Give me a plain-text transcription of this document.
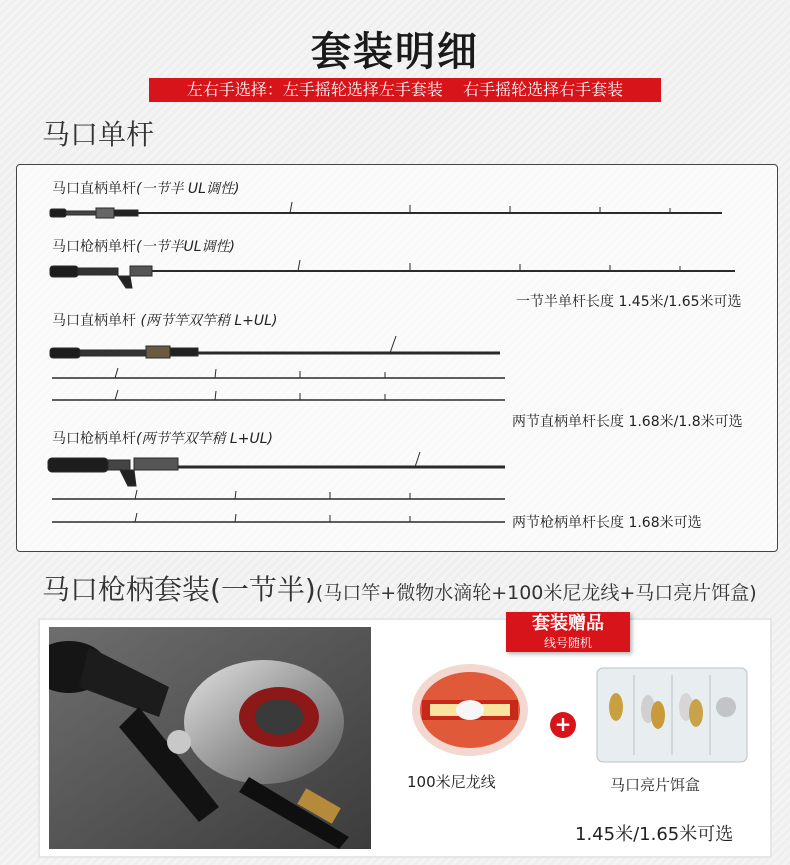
套装明细
左右手选择：左手摇轮选择左手套装    右手摇轮选择右手套装
马口单杆
马口直柄单杆(一节半 UL调性)
马口枪柄单杆(一节半UL调性)
马口直柄单杆 (两节竿双竿稍 L+UL)
马口枪柄单杆(两节竿双竿稍 L+UL)
一节半单杆长度 1.45米/1.65米可选
两节直柄单杆长度 1.68米/1.8米可选
两节枪柄单杆长度 1.68米可选
马口枪柄套装(一节半)(马口竿+微物水滴轮+100米尼龙线+马口亮片饵盒)
套装赠品
线号随机
100米尼龙线
+
马口亮片饵盒
1.45米/1.65米可选
